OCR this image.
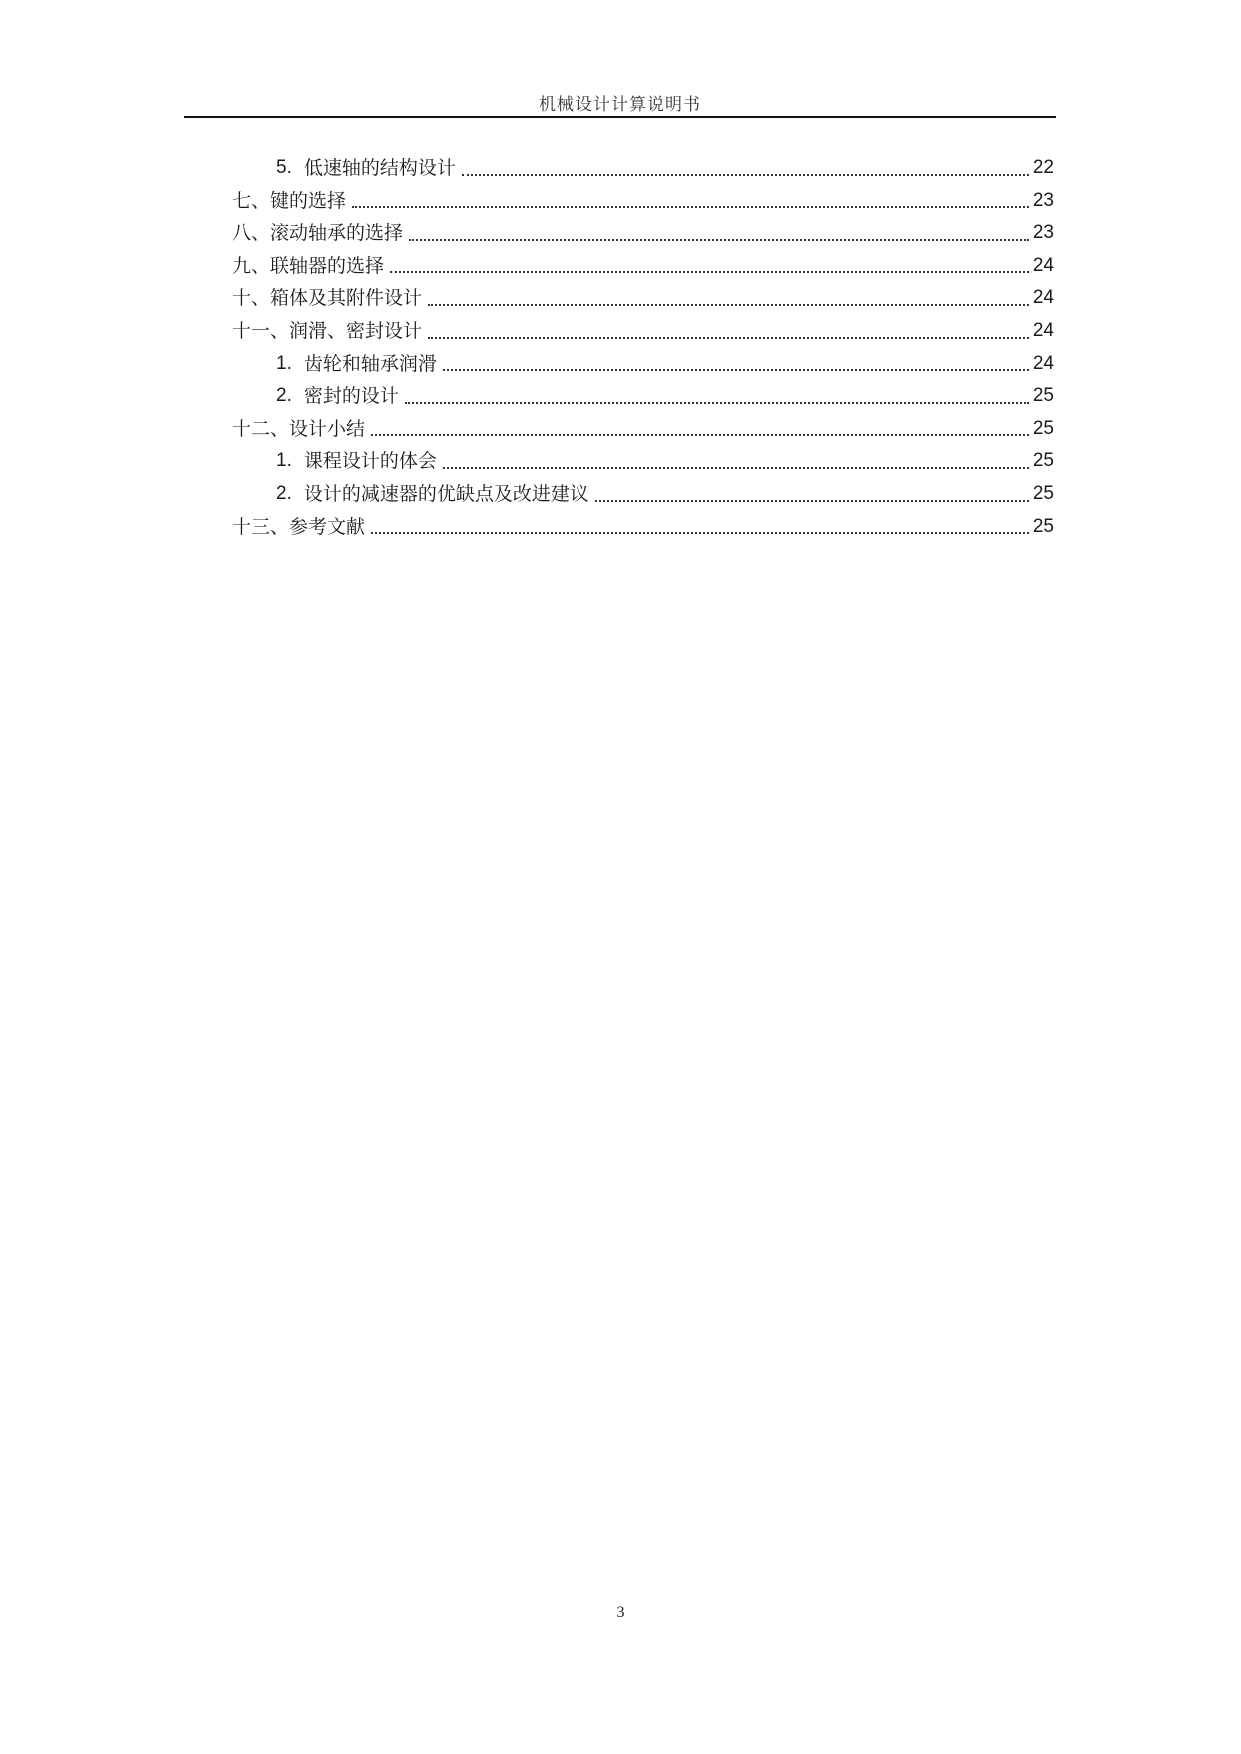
机械设计计算说明书
5. 低速轴的结构设计	22
七、键的选择	23
八、滚动轴承的选择	23
九、联轴器的选择	24
十、箱体及其附件设计	24
十一、润滑、密封设计	24
1. 齿轮和轴承润滑	24
2. 密封的设计	25
十二、设计小结	25
1. 课程设计的体会	25
2. 设计的减速器的优缺点及改进建议	25
十三、参考文献	25
3
